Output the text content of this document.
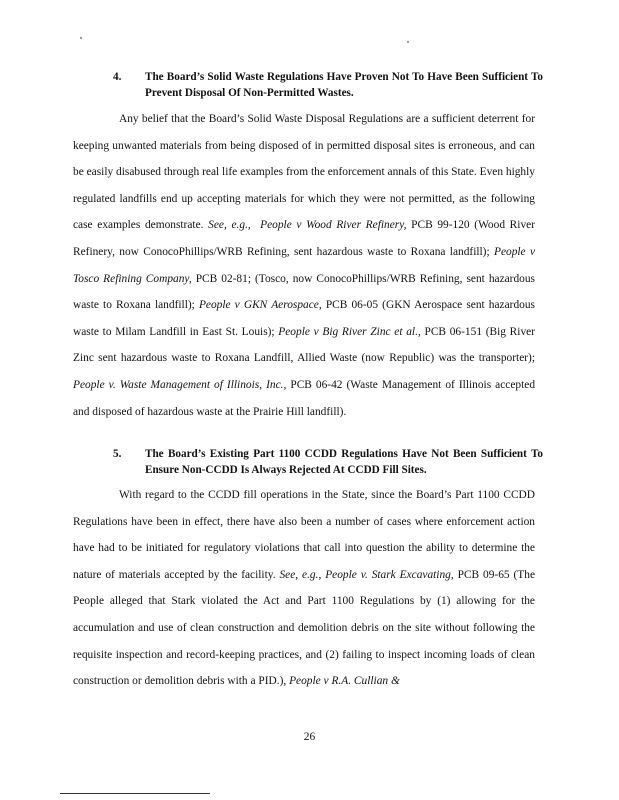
4. The Board’s Solid Waste Regulations Have Proven Not To Have Been Sufficient To Prevent Disposal Of Non-Permitted Wastes.
Any belief that the Board’s Solid Waste Disposal Regulations are a sufficient deterrent for keeping unwanted materials from being disposed of in permitted disposal sites is erroneous, and can be easily disabused through real life examples from the enforcement annals of this State. Even highly regulated landfills end up accepting materials for which they were not permitted, as the following case examples demonstrate. See, e.g., People v Wood River Refinery, PCB 99-120 (Wood River Refinery, now ConocoPhillips/WRB Refining, sent hazardous waste to Roxana landfill); People v Tosco Refining Company, PCB 02-81; (Tosco, now ConocoPhillips/WRB Refining, sent hazardous waste to Roxana landfill); People v GKN Aerospace, PCB 06-05 (GKN Aerospace sent hazardous waste to Milam Landfill in East St. Louis); People v Big River Zinc et al., PCB 06-151 (Big River Zinc sent hazardous waste to Roxana Landfill, Allied Waste (now Republic) was the transporter); People v. Waste Management of Illinois, Inc., PCB 06-42 (Waste Management of Illinois accepted and disposed of hazardous waste at the Prairie Hill landfill).
5. The Board’s Existing Part 1100 CCDD Regulations Have Not Been Sufficient To Ensure Non-CCDD Is Always Rejected At CCDD Fill Sites.
With regard to the CCDD fill operations in the State, since the Board’s Part 1100 CCDD Regulations have been in effect, there have also been a number of cases where enforcement action have had to be initiated for regulatory violations that call into question the ability to determine the nature of materials accepted by the facility. See, e.g., People v. Stark Excavating, PCB 09-65 (The People alleged that Stark violated the Act and Part 1100 Regulations by (1) allowing for the accumulation and use of clean construction and demolition debris on the site without following the requisite inspection and record-keeping practices, and (2) failing to inspect incoming loads of clean construction or demolition debris with a PID.), People v R.A. Cullian &
26
